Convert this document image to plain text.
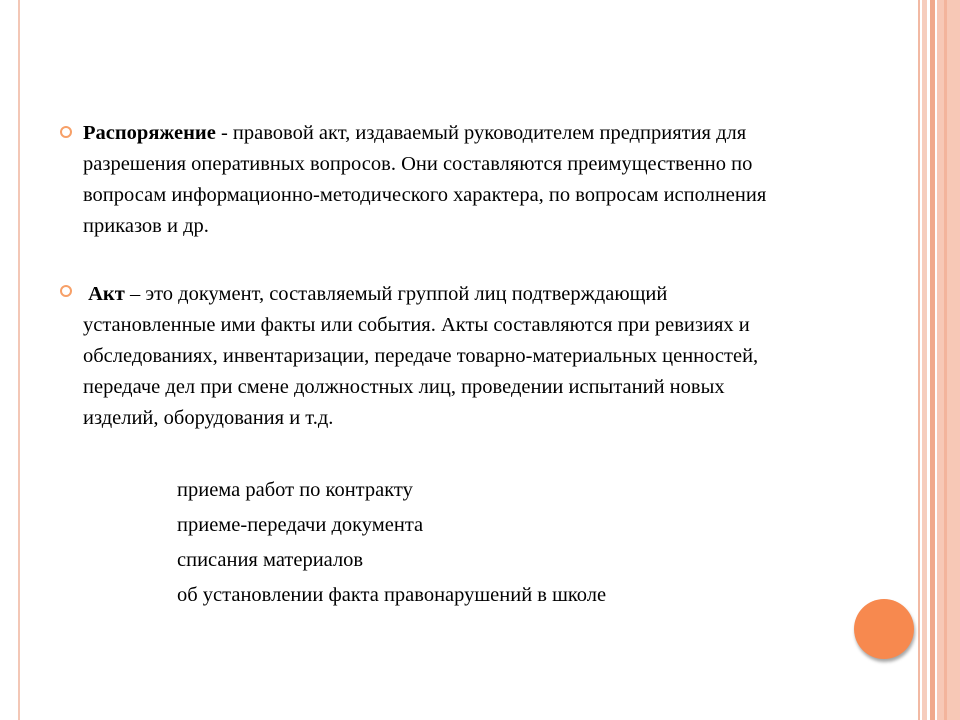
Распоряжение - правовой акт, издаваемый руководителем предприятия для разрешения оперативных вопросов. Они составляются преимущественно по вопросам информационно-методического характера, по вопросам исполнения приказов и др.

Акт – это документ, составляемый группой лиц подтверждающий установленные ими факты или события. Акты составляются при ревизиях и обследованиях, инвентаризации, передаче товарно-материальных ценностей, передаче дел при смене должностных лиц, проведении испытаний новых изделий, оборудования и т.д.

приема работ по контракту
приеме-передачи документа
списания материалов
об установлении факта правонарушений в школе
